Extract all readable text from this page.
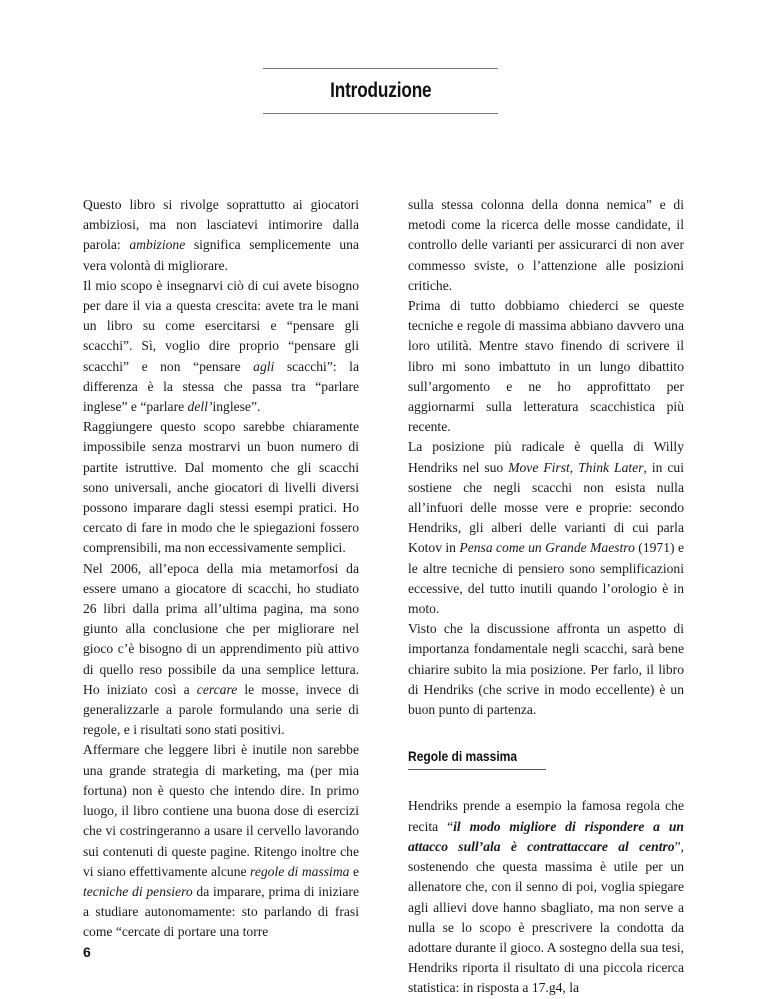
Introduzione

Questo libro si rivolge soprattutto ai giocatori ambiziosi, ma non lasciatevi intimorire dalla parola: ambizione significa semplicemente una vera volontà di migliorare.

Il mio scopo è insegnarvi ciò di cui avete bisogno per dare il via a questa crescita: avete tra le mani un libro su come esercitarsi e “pensare gli scacchi”. Sì, voglio dire proprio “pensare gli scacchi” e non “pensare agli scacchi”: la differenza è la stessa che passa tra “parlare inglese” e “parlare dell’inglese”.

Raggiungere questo scopo sarebbe chiaramente impossibile senza mostrarvi un buon numero di partite istruttive. Dal momento che gli scacchi sono universali, anche giocatori di livelli diversi possono imparare dagli stessi esempi pratici. Ho cercato di fare in modo che le spiegazioni fossero comprensibili, ma non eccessivamente semplici.

Nel 2006, all’epoca della mia metamorfosi da essere umano a giocatore di scacchi, ho studiato 26 libri dalla prima all’ultima pagina, ma sono giunto alla conclusione che per migliorare nel gioco c’è bisogno di un apprendimento più attivo di quello reso possibile da una semplice lettura. Ho iniziato così a cercare le mosse, invece di generalizzarle a parole formulando una serie di regole, e i risultati sono stati positivi.

Affermare che leggere libri è inutile non sarebbe una grande strategia di marketing, ma (per mia fortuna) non è questo che intendo dire. In primo luogo, il libro contiene una buona dose di esercizi che vi costringeranno a usare il cervello lavorando sui contenuti di queste pagine. Ritengo inoltre che vi siano effettivamente alcune regole di massima e tecniche di pensiero da imparare, prima di iniziare a studiare autonomamente: sto parlando di frasi come “cercate di portare una torre

sulla stessa colonna della donna nemica” e di metodi come la ricerca delle mosse candidate, il controllo delle varianti per assicurarci di non aver commesso sviste, o l’attenzione alle posizioni critiche.

Prima di tutto dobbiamo chiederci se queste tecniche e regole di massima abbiano davvero una loro utilità. Mentre stavo finendo di scrivere il libro mi sono imbattuto in un lungo dibattito sull’argomento e ne ho approfittato per aggiornarmi sulla letteratura scacchistica più recente.

La posizione più radicale è quella di Willy Hendriks nel suo Move First, Think Later, in cui sostiene che negli scacchi non esista nulla all’infuori delle mosse vere e proprie: secondo Hendriks, gli alberi delle varianti di cui parla Kotov in Pensa come un Grande Maestro (1971) e le altre tecniche di pensiero sono semplificazioni eccessive, del tutto inutili quando l’orologio è in moto.

Visto che la discussione affronta un aspetto di importanza fondamentale negli scacchi, sarà bene chiarire subito la mia posizione. Per farlo, il libro di Hendriks (che scrive in modo eccellente) è un buon punto di partenza.

Regole di massima

Hendriks prende a esempio la famosa regola che recita “il modo migliore di rispondere a un attacco sull’ala è contrattaccare al centro”, sostenendo che questa massima è utile per un allenatore che, con il senno di poi, voglia spiegare agli allievi dove hanno sbagliato, ma non serve a nulla se lo scopo è prescrivere la condotta da adottare durante il gioco. A sostegno della sua tesi, Hendriks riporta il risultato di una piccola ricerca statistica: in risposta a 17.g4, la

6
